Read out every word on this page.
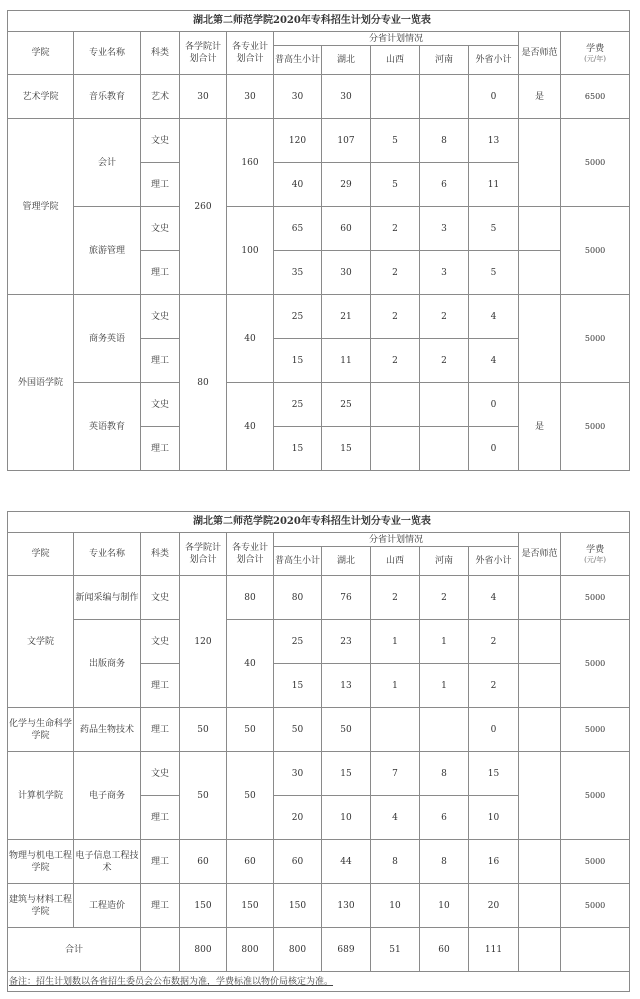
湖北第二师范学院2020年专科招生计划分专业一览表											
学院	专业名称	科类	各学院计划合计	各专业计划合计	分省计划情况					是否师范	学费
(元/年)

					普高生小计	湖北	山西	河南	外省小计		
艺术学院	音乐教育	艺术	30	30	30	30			0	是	6500
管理学院	会计	文史	260	160	120	107	5	8	13		5000
		理工			40	29	5	6	11		
	旅游管理	文史		100	65	60	2	3	5		5000
		理工			35	30	2	3	5		
外国语学院	商务英语	文史	80	40	25	21	2	2	4		5000
		理工			15	11	2	2	4		
	英语教育	文史		40	25	25			0	是	5000
		理工			15	15			0		
湖北第二师范学院2020年专科招生计划分专业一览表											
学院	专业名称	科类	各学院计划合计	各专业计划合计	分省计划情况					是否师范	学费
(元/年)

					普高生小计	湖北	山西	河南	外省小计		
文学院	新闻采编与制作	文史	120	80	80	76	2	2	4		5000
	出版商务	文史		40	25	23	1	1	2		5000
		理工			15	13	1	1	2		
化学与生命科学学院	药品生物技术	理工	50	50	50	50			0		5000
计算机学院	电子商务	文史	50	50	30	15	7	8	15		5000
		理工			20	10	4	6	10		
物理与机电工程学院	电子信息工程技术	理工	60	60	60	44	8	8	16		5000
建筑与材料工程学院	工程造价	理工	150	150	150	130	10	10	20		5000
合计			800	800	800	689	51	60	111		
备注：招生计划数以各省招生委员会公布数据为准，学费标准以物价局核定为准。											
